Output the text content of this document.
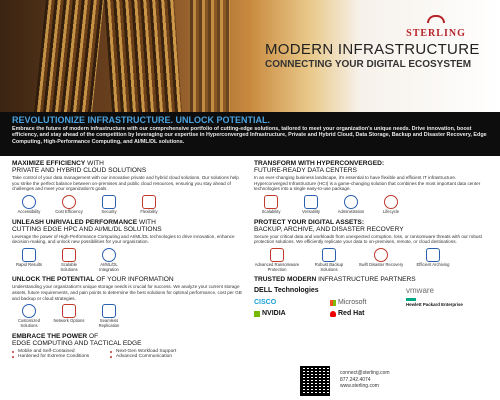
STERLING
MODERN INFRASTRUCTURE
CONNECTING YOUR DIGITAL ECOSYSTEM
REVOLUTIONIZE INFRASTRUCTURE. UNLOCK POTENTIAL.
Embrace the future of modern infrastructure with our comprehensive portfolio of cutting-edge solutions, tailored to meet your organization's unique needs. Drive innovation, boost efficiency, and stay ahead of the competition by leveraging our expertise in Hyperconverged Infrastructure, Private and Hybrid Cloud, Data Storage, Backup and Disaster Recovery, Edge Computing, High-Performance Computing, and AI/ML/DL solutions.
MAXIMIZE EFFICIENCY WITH
PRIVATE AND HYBRID CLOUD SOLUTIONS
Take control of your data management with our innovative private and hybrid cloud solutions. Our solutions help you strike the perfect balance between on-premises and public cloud resources, ensuring you stay ahead of challenges and meet your organization's goals.
Accessibility	Cost Efficiency	Security	Flexibility
UNLEASH UNRIVALED PERFORMANCE WITH
CUTTING EDGE HPC AND AI/ML/DL SOLUTIONS
Leverage the power of High-Performance Computing and AI/ML/DL technologies to drive innovation, enhance decision-making, and unlock new possibilities for your organization.
Rapid Results	Scalable Solutions
AI/ML/DL Integration
UNLOCK THE POTENTIAL OF YOUR INFORMATION
Understanding your organization's unique storage needs is crucial for success. We analyze your current storage assets, future requirements, and pain points to determine the best solutions for optimal performance, cost per GB and backup or cloud strategies.
Customized Solutions
Network Options	Seamless Replication
EMBRACE THE POWER OF
EDGE COMPUTING AND TACTICAL EDGE
Mobile and Self-Contained	Next-Gen Workload Support
Hardened for Extreme Conditions	Advanced Communication
TRANSFORM WITH HYPERCONVERGED:
FUTURE-READY DATA CENTERS
In an ever-changing business landscape, it's essential to have flexible and efficient IT infrastructure. Hyperconverged Infrastructure (HCI) is a game-changing solution that combines the most important data center technologies into a single easy-to-use package.
Scalability	Versatility	Administration	Lifecycle
PROTECT YOUR DIGITAL ASSETS:
BACKUP, ARCHIVE, AND DISASTER RECOVERY
Secure your critical data and workloads from unexpected corruption, loss, or ransomware threats with our robust protection solutions. We efficiently replicate your data to on-premises, remote, or cloud destinations.
Advanced Ransomware Protection
Robust Backup Solutions
Swift Disaster Recovery	Efficient Archiving
TRUSTED MODERN INFRASTRUCTURE PARTNERS
DELL Technologies	vmware
CISCO	Microsoft	Hewlett Packard Enterprise
NVIDIA	Red Hat
connect@sterling.com
877.242.4074
www.sterling.com
